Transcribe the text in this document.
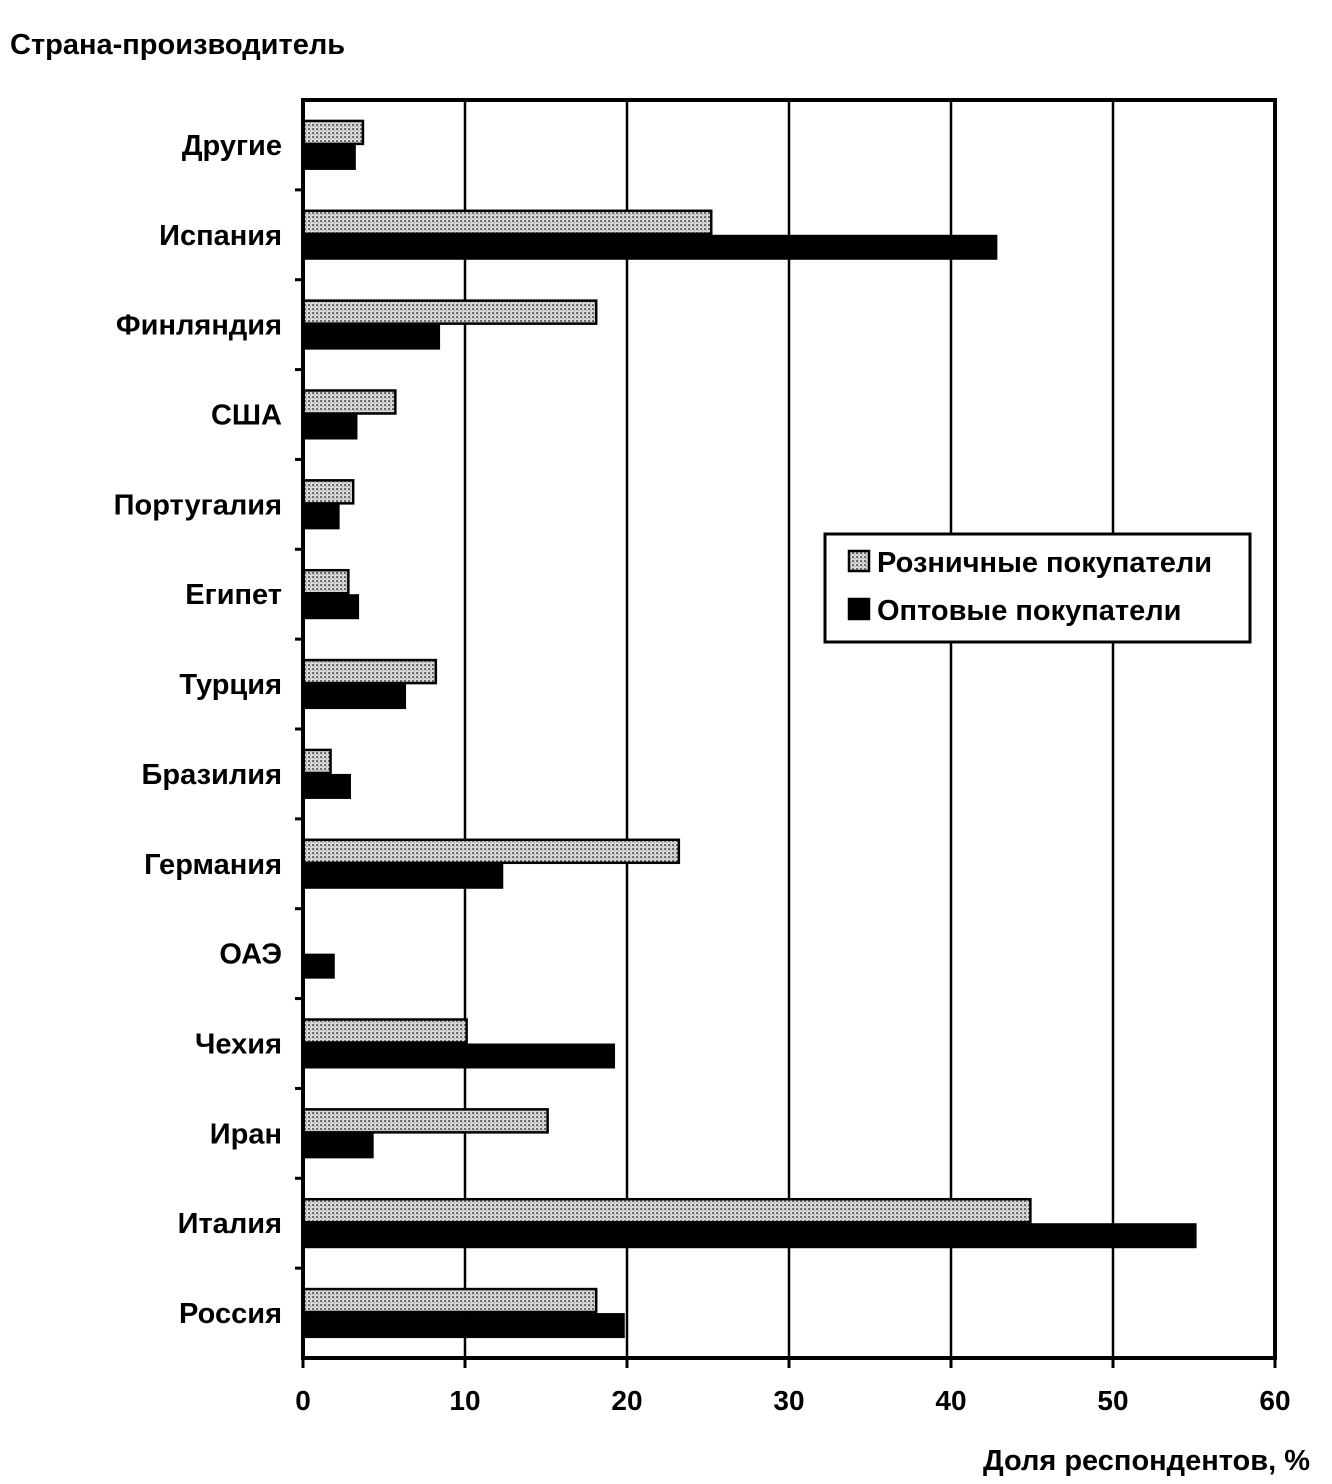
Страна-производитель
Доля респондентов, %
0	10	20	30	40	50	60
Другие
Испания
Финляндия
США
Португалия
Египет
Турция
Бразилия
Германия
ОАЭ
Чехия
Иран
Италия
Россия
Розничные покупатели
Оптовые покупатели
